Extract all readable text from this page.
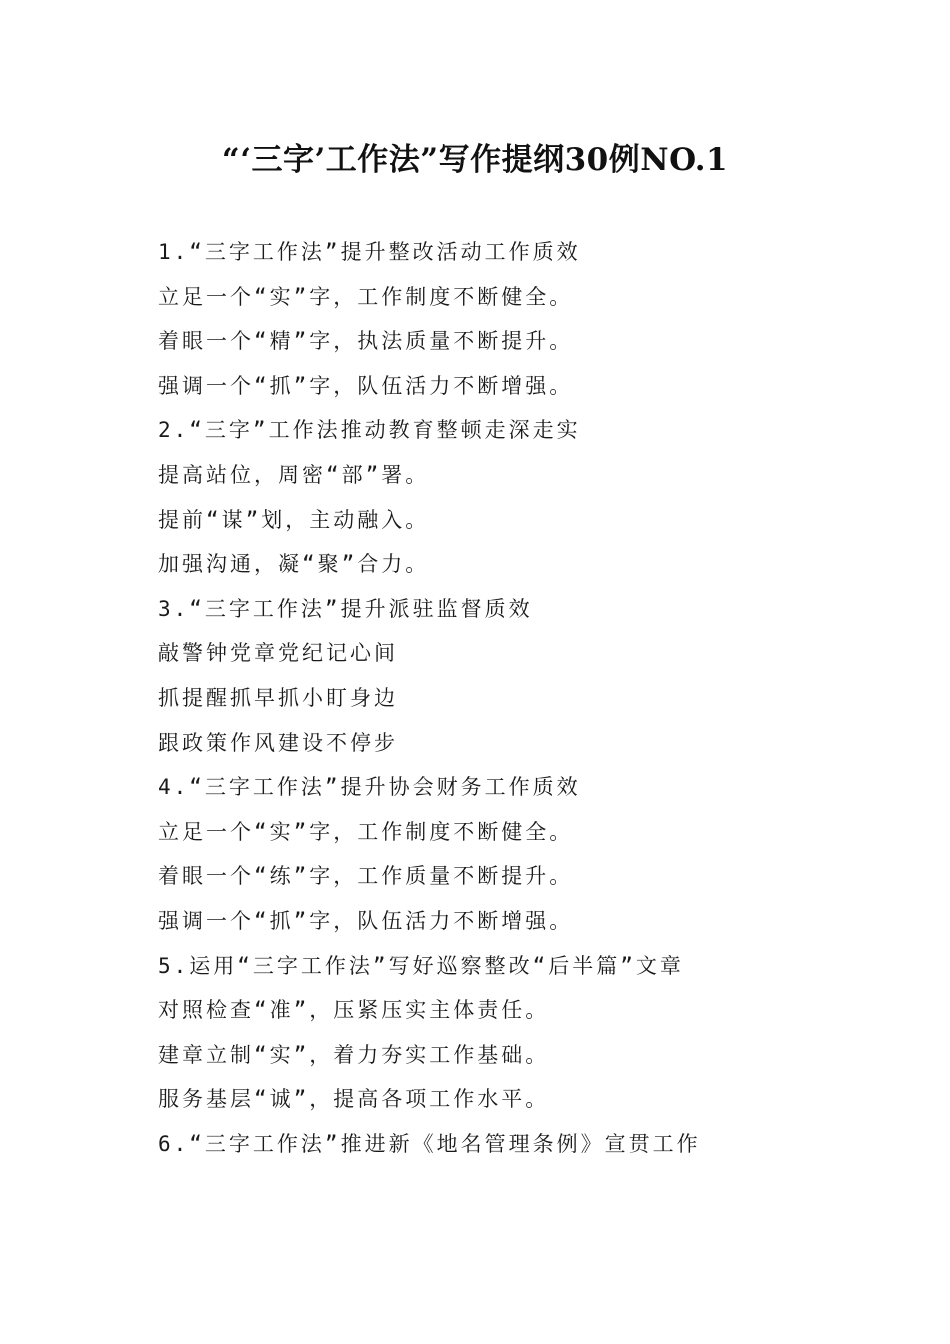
“‘三字’工作法”写作提纲30例NO.1
1.“三字工作法”提升整改活动工作质效
立足一个“实”字，工作制度不断健全。
着眼一个“精”字，执法质量不断提升。
强调一个“抓”字，队伍活力不断增强。
2.“三字”工作法推动教育整顿走深走实
提高站位，周密“部”署。
提前“谋”划，主动融入。
加强沟通，凝“聚”合力。
3.“三字工作法”提升派驻监督质效
敲警钟党章党纪记心间
抓提醒抓早抓小盯身边
跟政策作风建设不停步
4.“三字工作法”提升协会财务工作质效
立足一个“实”字，工作制度不断健全。
着眼一个“练”字，工作质量不断提升。
强调一个“抓”字，队伍活力不断增强。
5.运用“三字工作法”写好巡察整改“后半篇”文章
对照检查“准”，压紧压实主体责任。
建章立制“实”，着力夯实工作基础。
服务基层“诚”，提高各项工作水平。
6.“三字工作法”推进新《地名管理条例》宣贯工作
